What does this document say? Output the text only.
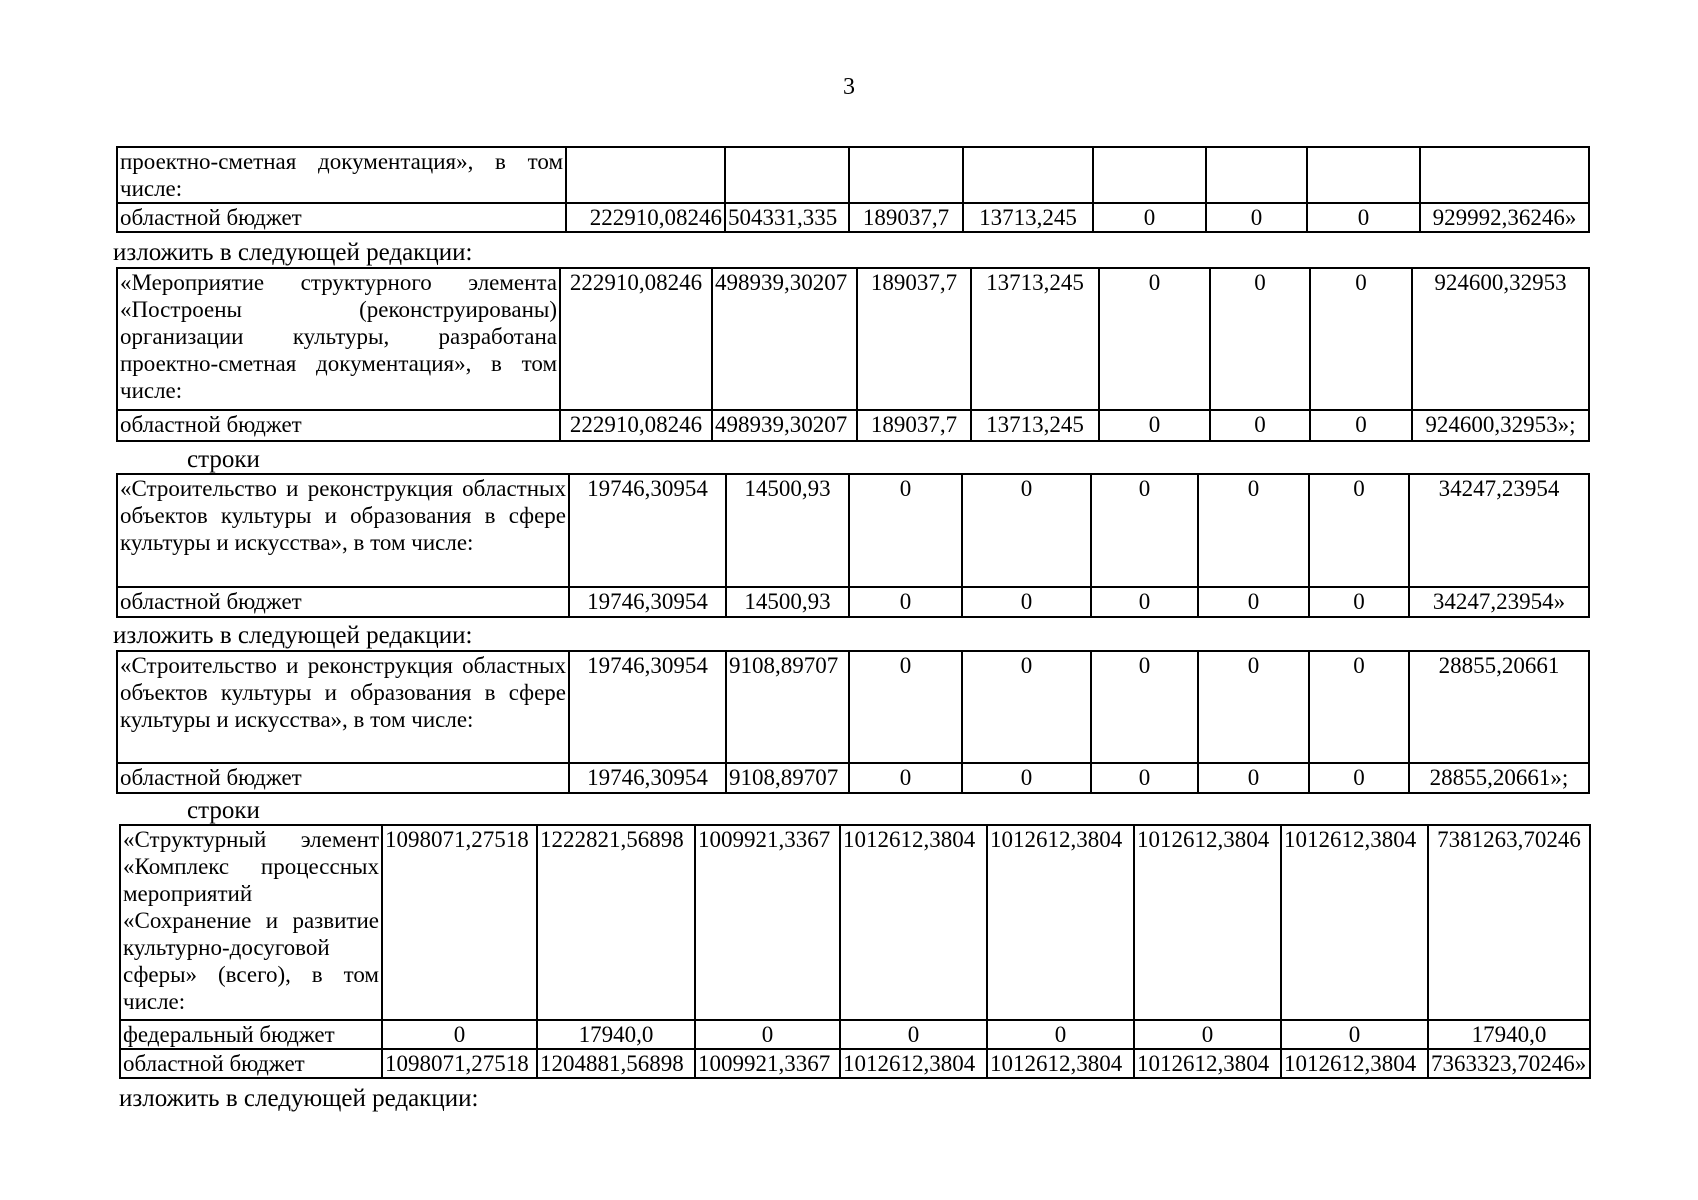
3
проектно-сметная документация», в том числе:								
областной бюджет	222910,08246	504331,335	189037,7	13713,245	0	0	0	929992,36246»
изложить в следующей редакции:
«Мероприятие структурного элемента «Построены (реконструированы) организации культуры, разработана проектно-сметная документация», в том числе:	222910,08246	498939,30207	189037,7	13713,245	0	0	0	924600,32953
областной бюджет	222910,08246	498939,30207	189037,7	13713,245	0	0	0	924600,32953»;
строки
«Строительство и реконструкция областных объектов культуры и образования в сфере культуры и искусства», в том числе:	19746,30954	14500,93	0	0	0	0	0	34247,23954
областной бюджет	19746,30954	14500,93	0	0	0	0	0	34247,23954»
изложить в следующей редакции:
«Строительство и реконструкция областных объектов культуры и образования в сфере культуры и искусства», в том числе:	19746,30954	9108,89707	0	0	0	0	0	28855,20661
областной бюджет	19746,30954	9108,89707	0	0	0	0	0	28855,20661»;
строки
«Структурный элемент «Комплекс процессных мероприятий «Сохранение и развитие культурно-досуговой сферы» (всего), в том числе:	1098071,27518	1222821,56898	1009921,3367	1012612,3804	1012612,3804	1012612,3804	1012612,3804	7381263,70246
федеральный бюджет	0	17940,0	0	0	0	0	0	17940,0
областной бюджет	1098071,27518	1204881,56898	1009921,3367	1012612,3804	1012612,3804	1012612,3804	1012612,3804	7363323,70246»
изложить в следующей редакции:
